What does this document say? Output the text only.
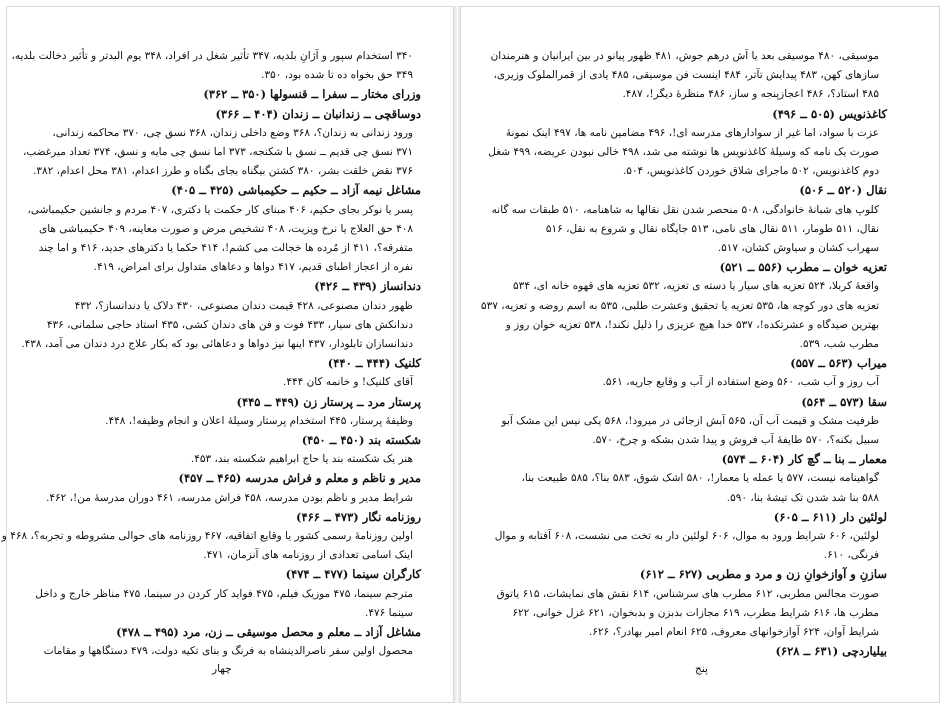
۳۴۰ استخدام سپور و آژانِ بلدیه، ۳۴۷ تأثیر شغل در افراد، ۳۴۸ یوم البدتر و تأثیر دخالت بلدیه،
۳۴۹ حق بخواه ده تا شده بود، ۳۵۰.
وزرای مختار ــ سفرا ــ قنسولها (۳۵۰ ــ ۳۶۲)
دوساقچی ــ زندانبان ــ زندان (۴۰۴ ــ ۳۶۶)
ورود زندانی به زندان؟، ۳۶۸ وضع داخلی زندان، ۳۶۸ نسق چی، ۳۷۰ محاکمه زندانی،
۳۷۱ نسق چی قدیم ــ نسق با شکنجه، ۳۷۳ اما نسق چی مایه و نسق، ۳۷۴ تعداد میرغضب،
۳۷۶ نقض خلقت بشر، ۳۸۰ کشتن بیگناه بجای بگناه و طرز اعدام، ۳۸۱ محل اعدام، ۳۸۲.
مشاغل نیمه آزاد ــ حکیم ــ حکیمباشی (۴۲۵ ــ ۴۰۵)
پسر یا نوکر بجای حکیم، ۴۰۶ مبنای کار حکمت یا دکتری، ۴۰۷ مردم و جانشین حکیمباشی،
۴۰۸ حق العلاج یا نرخ ویزیت، ۴۰۸ تشخیص مرض و صورت معاینه، ۴۰۹ حکیمباشی های
متفرقه؟، ۴۱۱ از مُرده ها خجالت می کشم!، ۴۱۴ حکما یا دکترهای جدید، ۴۱۶ و اما چند
نفره از اعجاز اطبای قدیم، ۴۱۷ دواها و دعاهای متداول برای امراض، ۴۱۹.
دندانساز (۴۳۹ ــ ۴۲۶)
ظهور دندان مصنوعی، ۴۲۸ قیمت دندان مصنوعی، ۴۳۰ دلاک یا دندانساز؟، ۴۳۲
دندانکش های سیار، ۴۳۳ فوت و فن های دندان کشی، ۴۳۵ استاد حاجی سلمانی، ۴۳۶
دندانسازان تابلودار، ۴۳۷ اینها نیز دواها و دعاهائی بود که بکار علاج درد دندان می آمد، ۴۳۸.
کلنیک (۴۴۴ ــ ۴۴۰)
آقای کلنیک! و خانمه کان ۴۴۴.
پرستار مرد ــ پرستار زن (۴۴۹ ــ ۴۴۵)
وظیفهٔ پرستار، ۴۴۵ استخدام پرستار وسیلهٔ اعلان و انجام وظیفه!، ۴۴۸.
شکسته بند (۴۵۰ ــ ۴۵۰)
هنر یک شکسته بند یا حاج ابراهیم شکسته بند، ۴۵۳.
مدیر و ناظم و معلم و فراش مدرسه (۴۶۵ ــ ۴۵۷)
شرایط مدیر و ناظم بودن مدرسه، ۴۵۸ فراش مدرسه، ۴۶۱ دوران مدرسهٔ من!، ۴۶۲.
روزنامه نگار (۴۷۳ ــ ۴۶۶)
اولین روزنامهٔ رسمی کشور یا وقایع اتفاقیه، ۴۶۷ روزنامه های حوالی مشروطه و تجربه؟، ۴۶۸ و
اینک اسامی تعدادی از روزنامه های آنزمان، ۴۷۱.
کارگران سینما (۴۷۷ ــ ۴۷۴)
مترجم سینما، ۴۷۵ موزیک فیلم، ۴۷۵ فواید کار کردن در سینما، ۴۷۵ مناظر خارج و داخل
سینما ۴۷۶.
مشاغل آزاد ــ معلم و محصل موسیقی ــ زن، مرد (۴۹۵ ــ ۴۷۸)
محصول اولین سفر ناصرالدینشاه به فرنگ و بنای تکیه دولت، ۴۷۹ دستگاهها و مقامات
چهار
موسیقی، ۴۸۰ موسیقی بعد یا آش درهم جوش، ۴۸۱ ظهور پیانو در بین ایرانیان و هنرمندان
سازهای کهن، ۴۸۳ پیدایش تآتر، ۴۸۴ اینست فن موسیقی، ۴۸۵ یادی از قمرالملوک وزیری،
۴۸۵ استاد؟، ۴۸۶ اعجازپنجه و ساز، ۴۸۶ منظرهٔ دیگر!، ۴۸۷.
کاغذنویس (۵۰۵ ــ ۴۹۶)
عزت با سواد، اما غیر از سوادارهای مدرسه ای!، ۴۹۶ مضامین نامه ها، ۴۹۷ اینک نمونهٔ
صورت یک نامه که وسیلهٔ کاغذنویس ها نوشته می شد، ۴۹۸ خالی نبودن عریضه، ۴۹۹ شغل
دوم کاغذنویس، ۵۰۲ ماجرای شلاق خوردن کاغذنویس، ۵۰۴.
نقال (۵۲۰ ــ ۵۰۶)
کلوپ های شبانهٔ خانوادگی، ۵۰۸ منحصر شدن نقل نقالها به شاهنامه، ۵۱۰ طبقات سه گانه
نقال، ۵۱۱ طومار، ۵۱۱ نقال های نامی، ۵۱۳ جایگاه نقال و شروع به نقل، ۵۱۶
سهراب کشان و سیاوش کشان، ۵۱۷.
تعزیه خوان ــ مطرب (۵۵۶ ــ ۵۲۱)
واقعهٔ کربلا، ۵۲۴ تعزیه های سیار یا دسته ی تعزیه، ۵۳۲ تعزیه های قهوه خانه ای، ۵۳۴
تعزیه های دور کوچه ها، ۵۳۵ تعزیه یا تحقیق وعشرت طلبی، ۵۳۵ به اسم روضه و تعزیه، ۵۳۷
بهترین صیدگاه و عشرتکده!، ۵۳۷ خدا هیچ عزیزی را ذلیل نکند!، ۵۳۸ تعزیه خوان روز و
مطرب شب، ۵۳۹.
میراب (۵۶۳ ــ ۵۵۷)
آب روز و آب شب، ۵۶۰ وضع استفاده از آب و وقایع جاریه، ۵۶۱.
سقا (۵۷۳ ــ ۵۶۴)
ظرفیت مشک و قیمت آب آن، ۵۶۵ آبش ازجائی در میرود!، ۵۶۸ یکی نیس این مشک آبو
سبیل بکنه؟، ۵۷۰ طایفهٔ آب فروش و پیدا شدن بشکه و چرخ، ۵۷۰.
معمار ــ بنا ــ گچ کار (۶۰۴ ــ ۵۷۴)
گواهینامه نیست، ۵۷۷ یا عمله یا معمار!، ۵۸۰ اشک شوق، ۵۸۳ بنا؟، ۵۸۵ طبیعت بنا،
۵۸۸ بنا شد شدن تک تیشهٔ بنا، ۵۹۰.
لولئین دار (۶۱۱ ــ ۶۰۵)
لولئین، ۶۰۶ شرایط ورود به موال، ۶۰۶ لولئین دار به تخت می نشست، ۶۰۸ آفتابه و موال
فرنگی، ۶۱۰.
سازنِ و آوازخوانِ زن و مرد و مطربی (۶۲۷ ــ ۶۱۲)
صورت مجالس مطربی، ۶۱۲ مطرب های سرشناس، ۶۱۴ نقش های نمایشات، ۶۱۵ یاتوق
مطرب ها، ۶۱۶ شرایط مطرب، ۶۱۹ مجازات بدبزن و بدبخوان، ۶۲۱ غزل خوانی، ۶۲۲
شرایط آوان، ۶۲۴ آوازخوانهای معروف، ۶۲۵ انعام امیر بهادر؟، ۶۲۶.
بیلیاردچی (۶۳۱ ــ ۶۲۸)
پنج
